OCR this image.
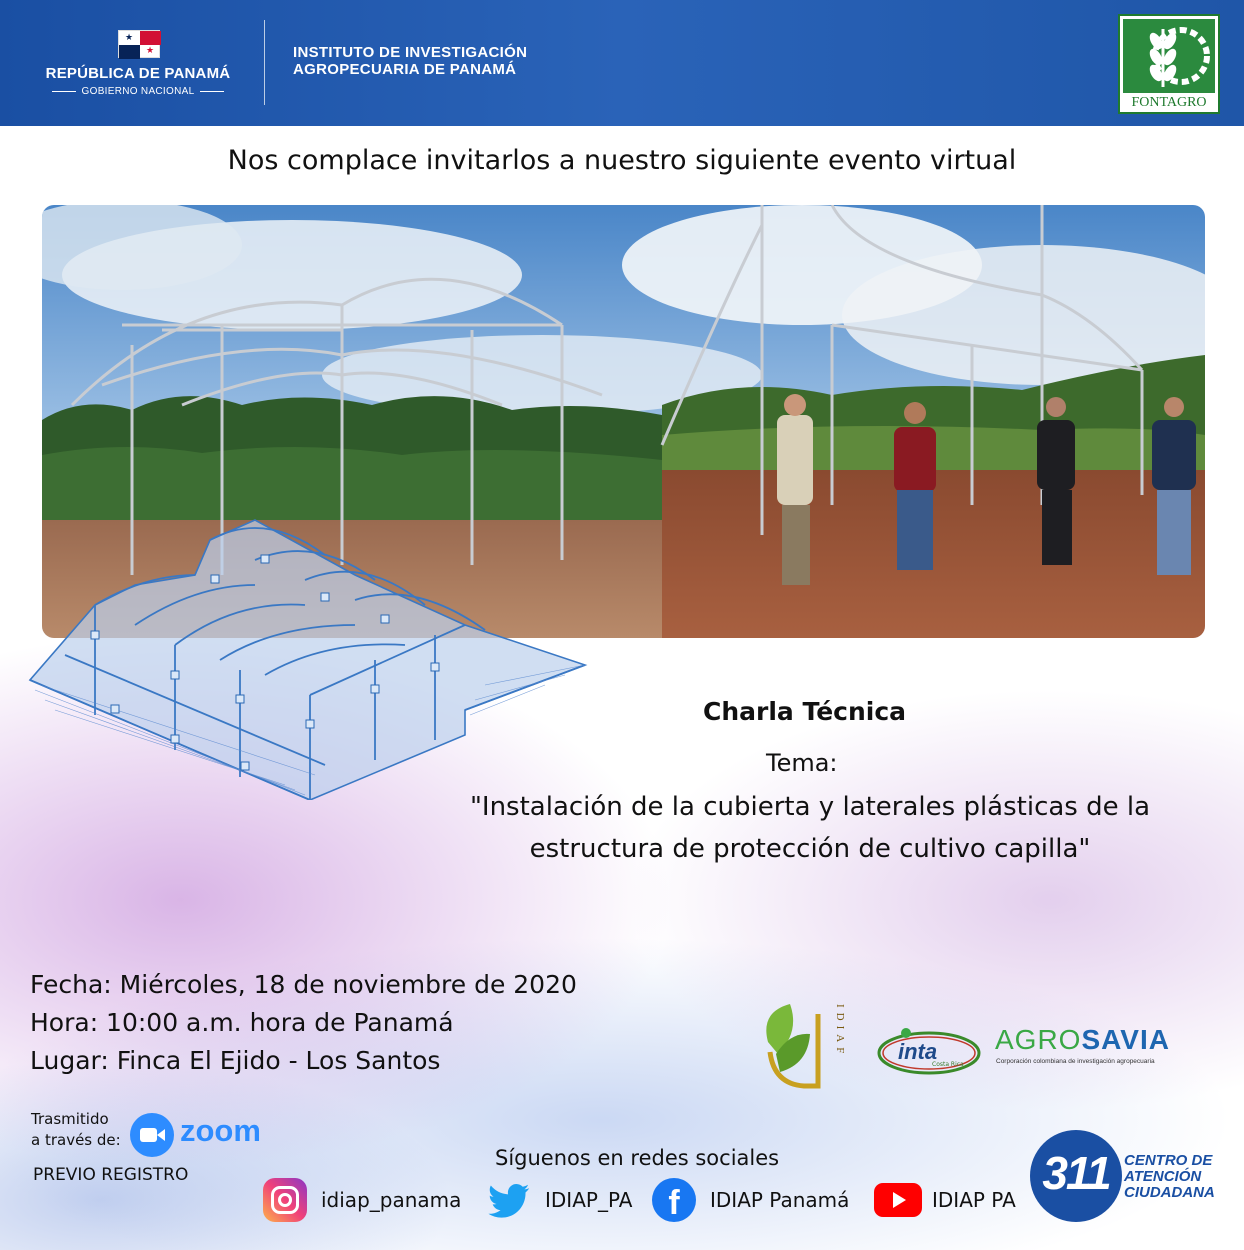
★
★
REPÚBLICA DE PANAMÁ
GOBIERNO NACIONAL
INSTITUTO DE INVESTIGACIÓN
AGROPECUARIA DE PANAMÁ
FONTAGRO
Nos complace invitarlos a nuestro siguiente evento virtual
Charla Técnica
Tema:
"Instalación de la cubierta y laterales plásticas de la
estructura de protección de cultivo capilla"
Fecha: Miércoles, 18 de noviembre de 2020
Hora: 10:00 a.m. hora de Panamá
Lugar: Finca El Ejido - Los Santos
IDIAF inta
Costa Rica
AGROSAVIA
Corporación colombiana de investigación agropecuaria
Trasmitido
a través de: zoom
PREVIO REGISTRO
Síguenos en redes sociales
idiap_panama	IDIAP_PA	f	IDIAP Panamá	IDIAP PA
311 CENTRO DE
ATENCIÓN
CIUDADANA
